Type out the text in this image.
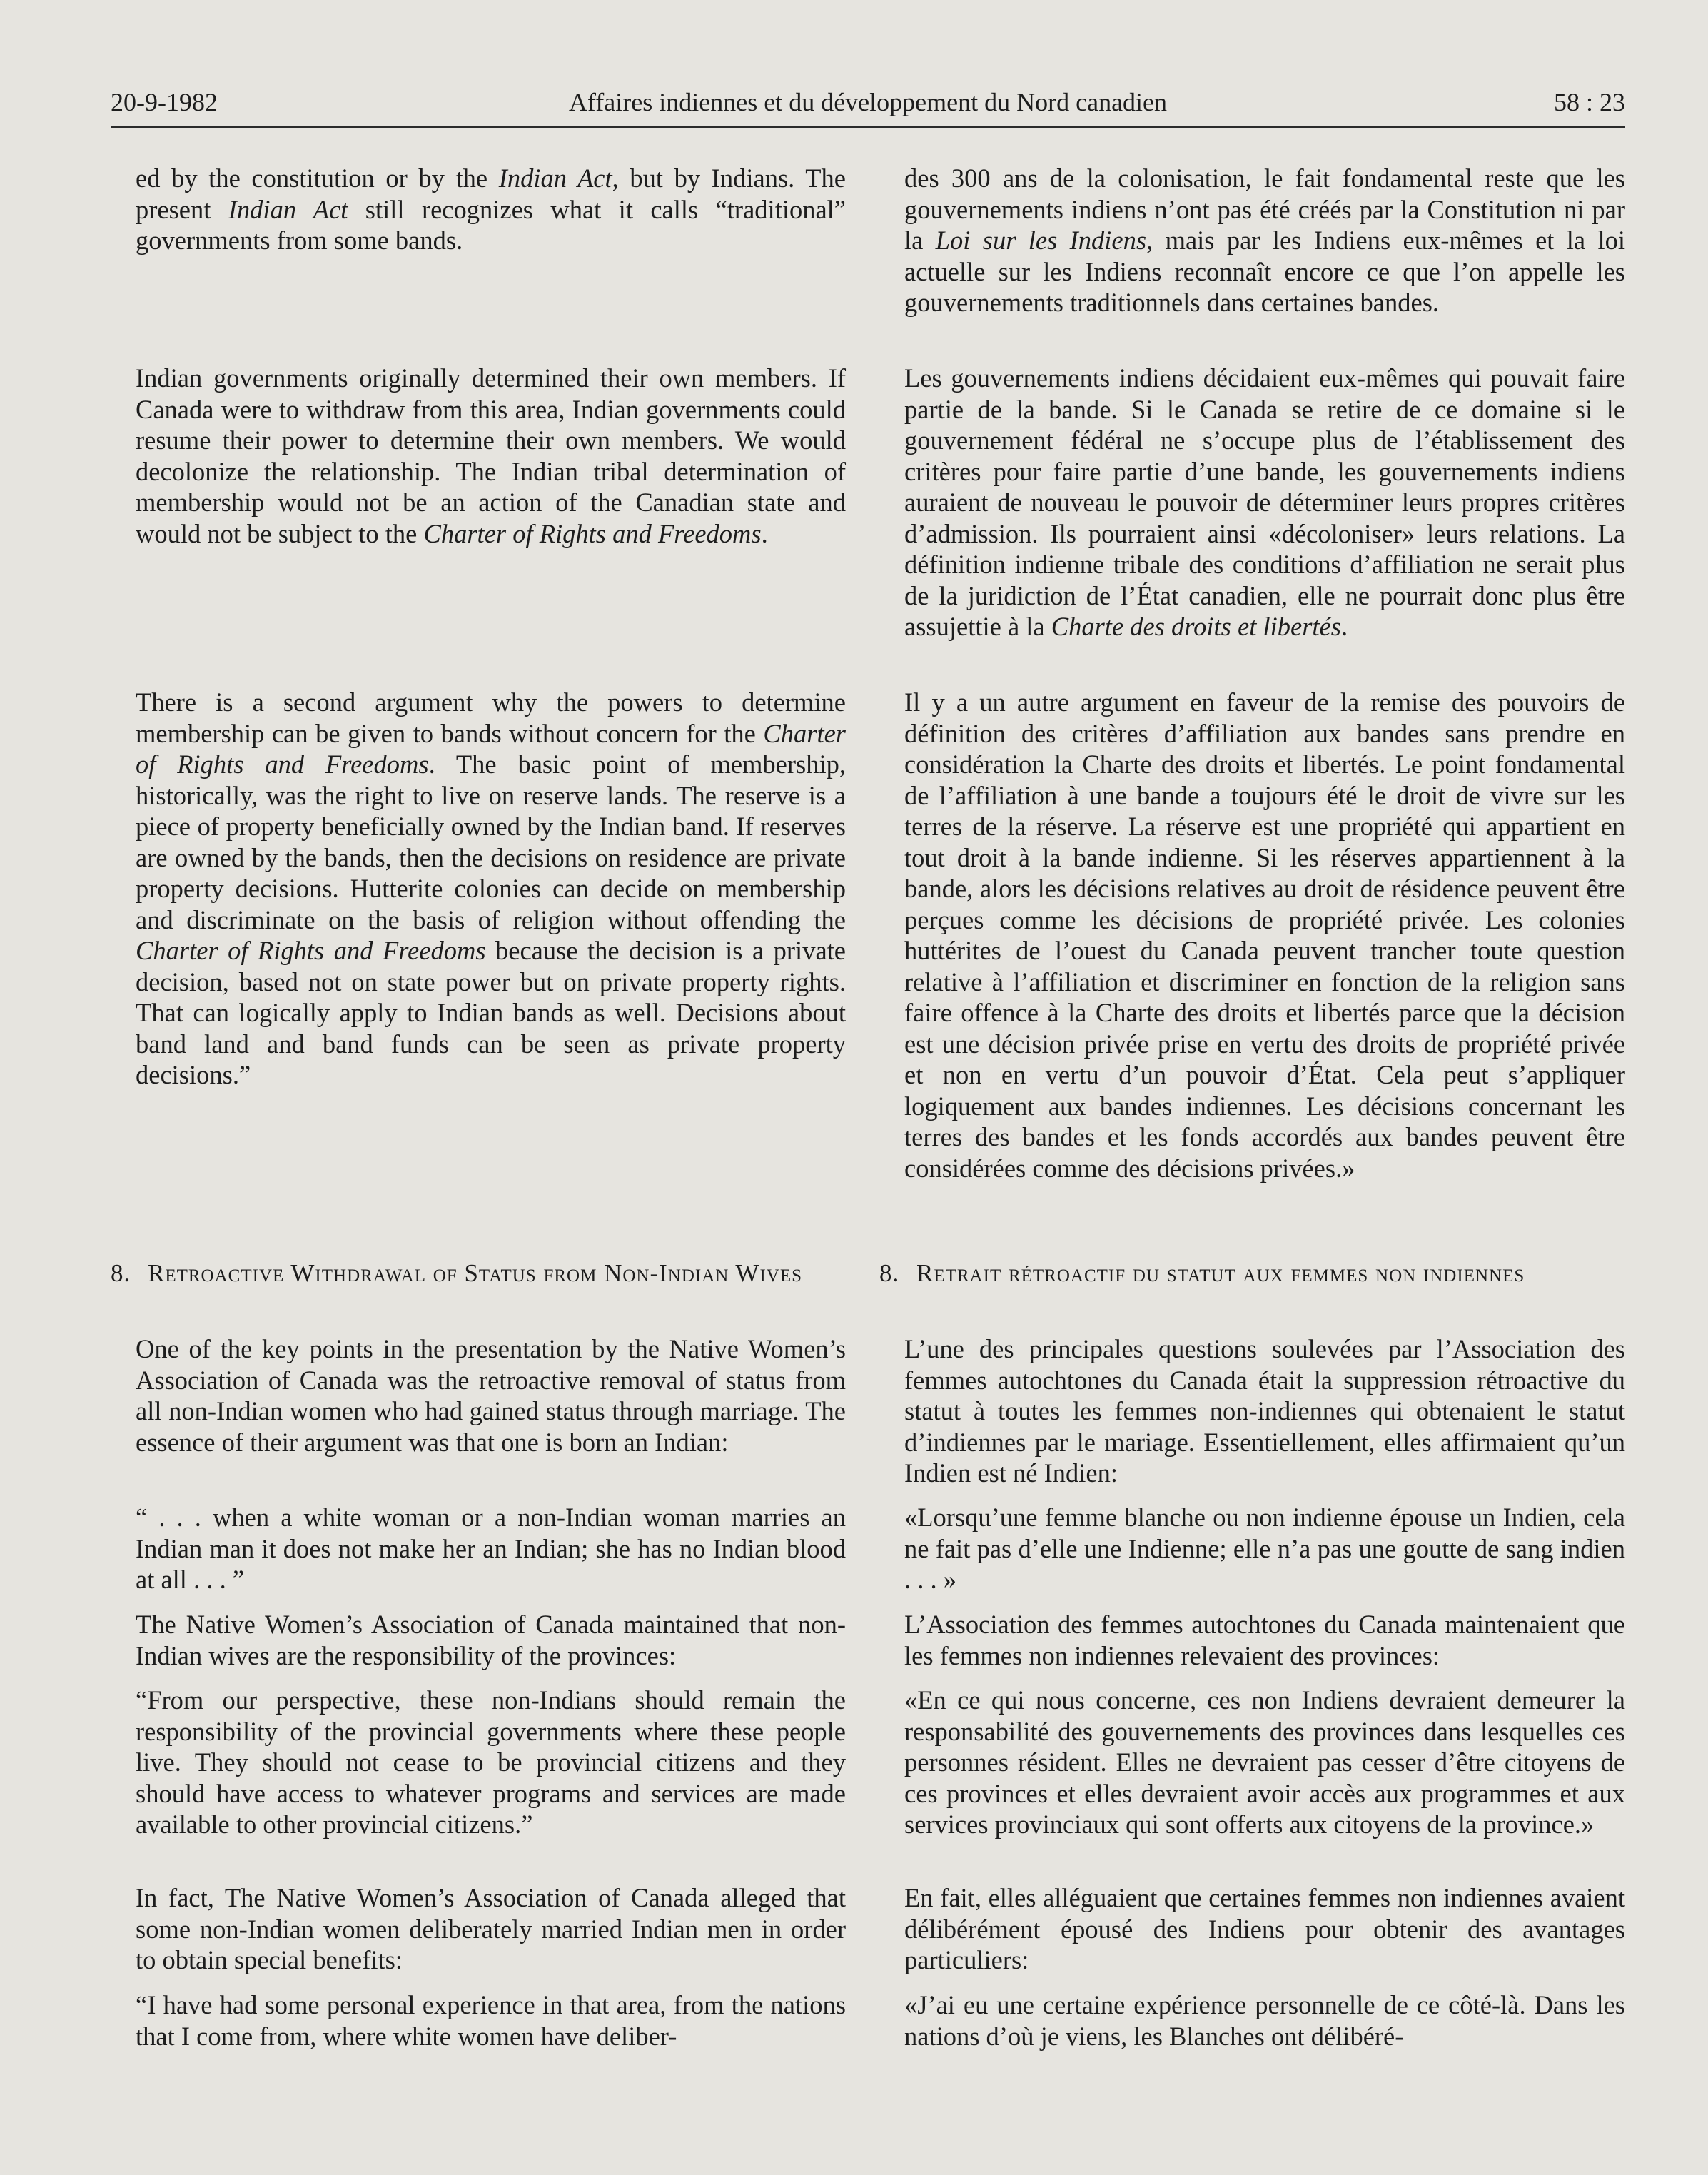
20-9-1982	Affaires indiennes et du développement du Nord canadien	58 : 23

ed by the constitution or by the Indian Act, but by Indians. The present Indian Act still recognizes what it calls “traditional” governments from some bands.

Indian governments originally determined their own members. If Canada were to withdraw from this area, Indian governments could resume their power to determine their own members. We would decolonize the relationship. The Indian tribal determination of membership would not be an action of the Canadian state and would not be subject to the Charter of Rights and Freedoms.

There is a second argument why the powers to determine membership can be given to bands without concern for the Charter of Rights and Freedoms. The basic point of membership, historically, was the right to live on reserve lands. The reserve is a piece of property beneficially owned by the Indian band. If reserves are owned by the bands, then the decisions on residence are private property decisions. Hutterite colonies can decide on membership and discriminate on the basis of religion without offending the Charter of Rights and Freedoms because the decision is a private decision, based not on state power but on private property rights. That can logically apply to Indian bands as well. Decisions about band land and band funds can be seen as private property decisions.”

8. Retroactive Withdrawal of Status from Non-Indian Wives

One of the key points in the presentation by the Native Women’s Association of Canada was the retroactive removal of status from all non-Indian women who had gained status through marriage. The essence of their argument was that one is born an Indian:

“ . . . when a white woman or a non-Indian woman marries an Indian man it does not make her an Indian; she has no Indian blood at all . . . ”

The Native Women’s Association of Canada maintained that non-Indian wives are the responsibility of the provinces:

“From our perspective, these non-Indians should remain the responsibility of the provincial governments where these people live. They should not cease to be provincial citizens and they should have access to whatever programs and services are made available to other provincial citizens.”

In fact, The Native Women’s Association of Canada alleged that some non-Indian women deliberately married Indian men in order to obtain special benefits:

“I have had some personal experience in that area, from the nations that I come from, where white women have deliber-

des 300 ans de la colonisation, le fait fondamental reste que les gouvernements indiens n’ont pas été créés par la Constitution ni par la Loi sur les Indiens, mais par les Indiens eux-mêmes et la loi actuelle sur les Indiens reconnaît encore ce que l’on appelle les gouvernements traditionnels dans certaines bandes.

Les gouvernements indiens décidaient eux-mêmes qui pouvait faire partie de la bande. Si le Canada se retire de ce domaine si le gouvernement fédéral ne s’occupe plus de l’établissement des critères pour faire partie d’une bande, les gouvernements indiens auraient de nouveau le pouvoir de déterminer leurs propres critères d’admission. Ils pourraient ainsi «décoloniser» leurs relations. La définition indienne tribale des conditions d’affiliation ne serait plus de la juridiction de l’État canadien, elle ne pourrait donc plus être assujettie à la Charte des droits et libertés.

Il y a un autre argument en faveur de la remise des pouvoirs de définition des critères d’affiliation aux bandes sans prendre en considération la Charte des droits et libertés. Le point fondamental de l’affiliation à une bande a toujours été le droit de vivre sur les terres de la réserve. La réserve est une propriété qui appartient en tout droit à la bande indienne. Si les réserves appartiennent à la bande, alors les décisions relatives au droit de résidence peuvent être perçues comme les décisions de propriété privée. Les colonies huttérites de l’ouest du Canada peuvent trancher toute question relative à l’affiliation et discriminer en fonction de la religion sans faire offence à la Charte des droits et libertés parce que la décision est une décision privée prise en vertu des droits de propriété privée et non en vertu d’un pouvoir d’État. Cela peut s’appliquer logiquement aux bandes indiennes. Les décisions concernant les terres des bandes et les fonds accordés aux bandes peuvent être considérées comme des décisions privées.»

8. Retrait rétroactif du statut aux femmes non indiennes

L’une des principales questions soulevées par l’Association des femmes autochtones du Canada était la suppression rétroactive du statut à toutes les femmes non-indiennes qui obtenaient le statut d’indiennes par le mariage. Essentiellement, elles affirmaient qu’un Indien est né Indien:

«Lorsqu’une femme blanche ou non indienne épouse un Indien, cela ne fait pas d’elle une Indienne; elle n’a pas une goutte de sang indien . . . »

L’Association des femmes autochtones du Canada maintenaient que les femmes non indiennes relevaient des provinces:

«En ce qui nous concerne, ces non Indiens devraient demeurer la responsabilité des gouvernements des provinces dans lesquelles ces personnes résident. Elles ne devraient pas cesser d’être citoyens de ces provinces et elles devraient avoir accès aux programmes et aux services provinciaux qui sont offerts aux citoyens de la province.»

En fait, elles alléguaient que certaines femmes non indiennes avaient délibérément épousé des Indiens pour obtenir des avantages particuliers:

«J’ai eu une certaine expérience personnelle de ce côté-là. Dans les nations d’où je viens, les Blanches ont délibéré-
